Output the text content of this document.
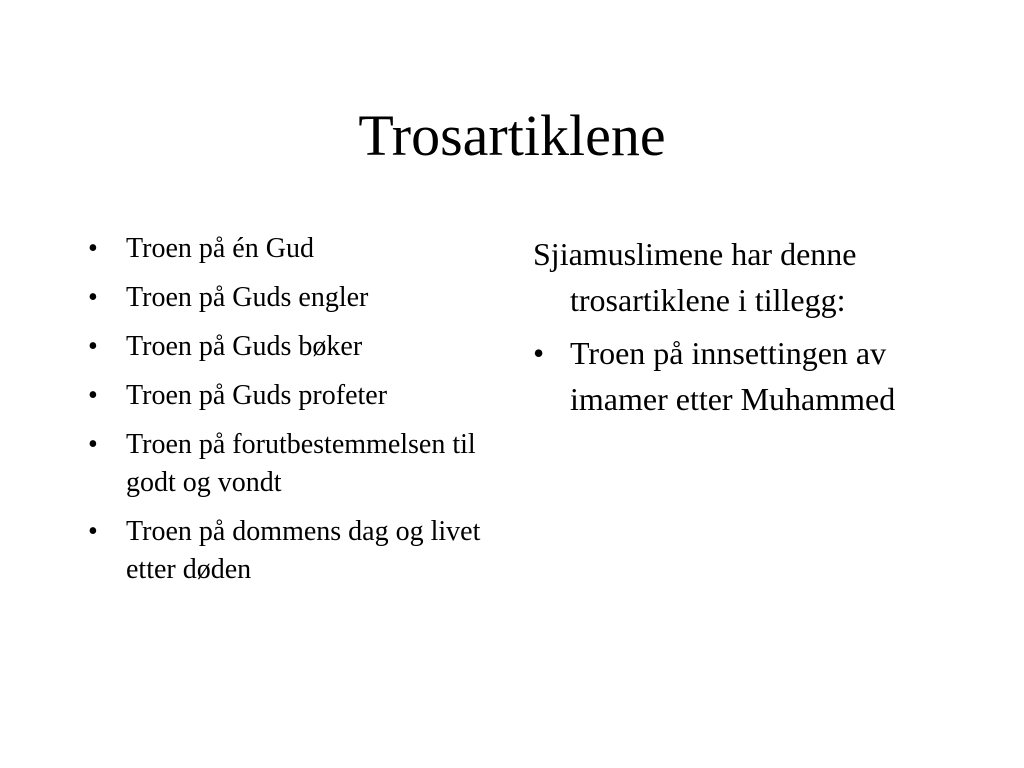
Trosartiklene
•	Troen på én Gud
•	Troen på Guds engler
•	Troen på Guds bøker
•	Troen på Guds profeter
•	Troen på forutbestemmelsen til godt og vondt
•	Troen på dommens dag og livet etter døden

Sjiamuslimene har denne trosartiklene i tillegg:

• Troen på innsettingen av imamer etter Muhammed
